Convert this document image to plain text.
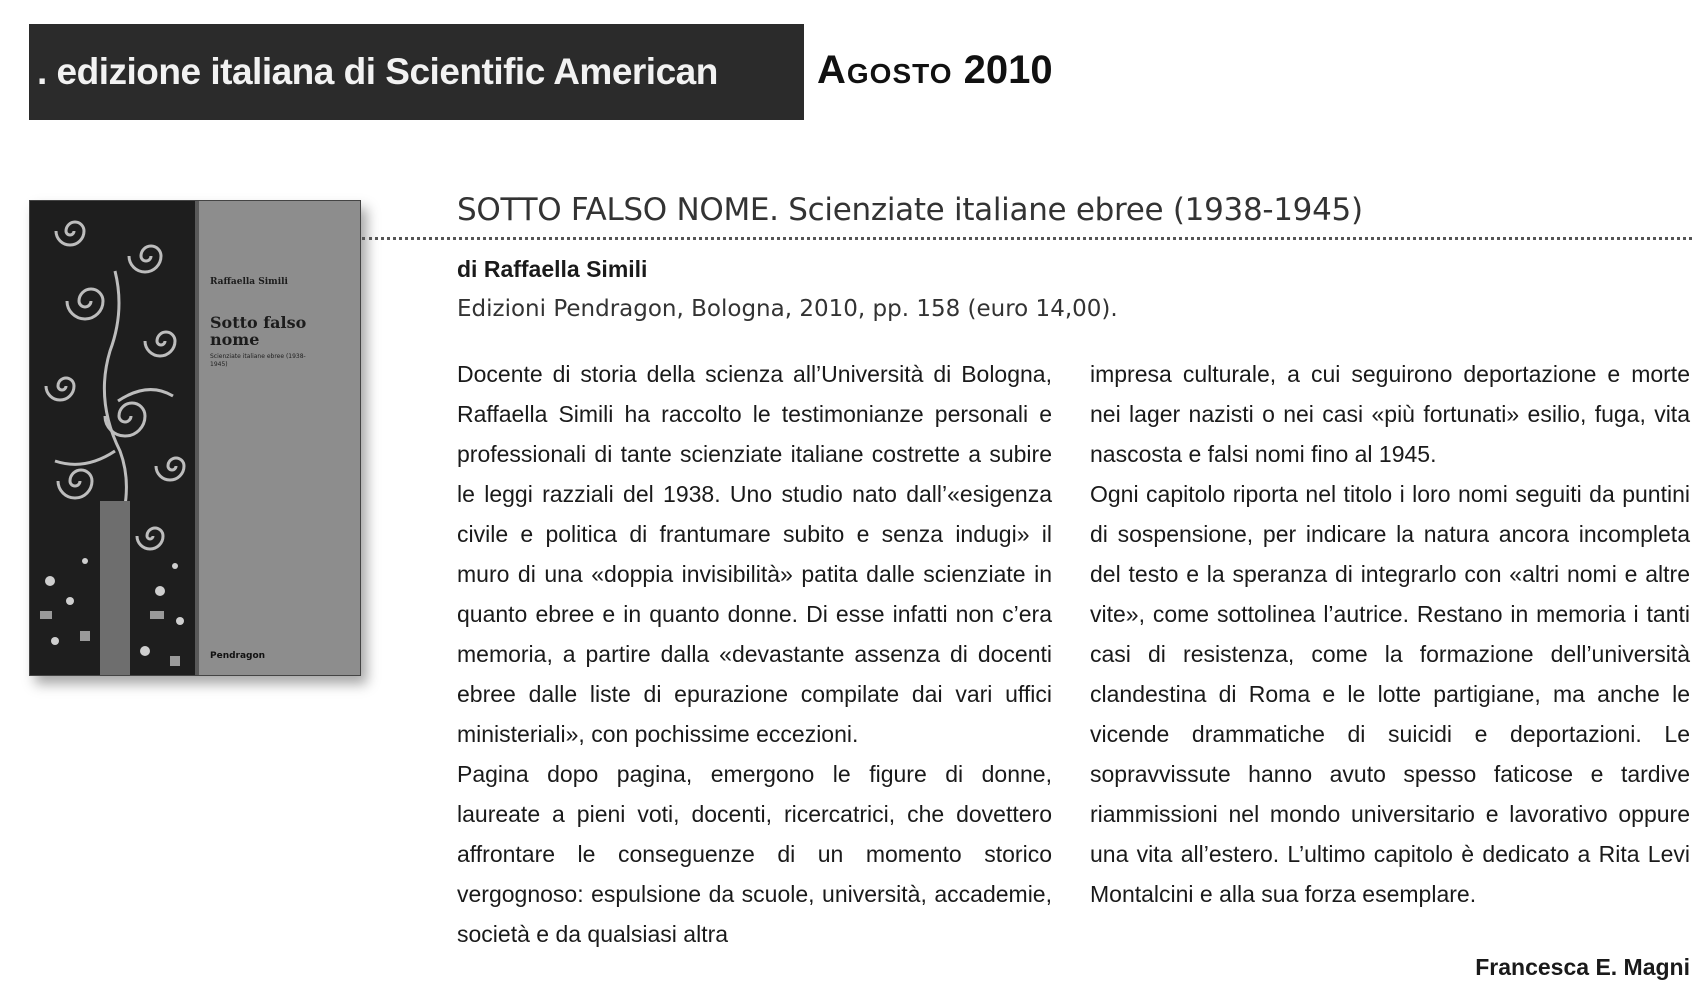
. edizione italiana di Scientific American	Agosto 2010
Raffaella Simili
Sotto falso nome
Scienziate italiane ebree (1938-1945)
Pendragon
SOTTO FALSO NOME. Scienziate italiane ebree (1938-1945)
di Raffaella Simili
Edizioni Pendragon, Bologna, 2010, pp. 158 (euro 14,00).

Docente di storia della scienza all’Università di Bologna, Raffaella Simili ha raccolto le testimonianze personali e professionali di tante scienziate italiane costrette a subire le leggi razziali del 1938. Uno studio nato dall’«esigenza civile e politica di frantumare subito e senza indugi» il muro di una «doppia invisibilità» patita dalle scienziate in quanto ebree e in quanto donne. Di esse infatti non c’era memoria, a partire dalla «devastante assenza di docenti ebree dalle liste di epurazione compilate dai vari uffici ministeriali», con pochissime eccezioni.

Pagina dopo pagina, emergono le figure di donne, laureate a pieni voti, docenti, ricercatrici, che dovettero affrontare le conseguenze di un momento storico vergognoso: espulsione da scuole, università, accademie, società e da qualsiasi altra

impresa culturale, a cui seguirono deportazione e morte nei lager nazisti o nei casi «più fortunati» esilio, fuga, vita nascosta e falsi nomi fino al 1945.

Ogni capitolo riporta nel titolo i loro nomi seguiti da puntini di sospensione, per indicare la natura ancora incompleta del testo e la speranza di integrarlo con «altri nomi e altre vite», come sottolinea l’autrice. Restano in memoria i tanti casi di resistenza, come la formazione dell’università clandestina di Roma e le lotte partigiane, ma anche le vicende drammatiche di suicidi e deportazioni. Le sopravvissute hanno avuto spesso faticose e tardive riammissioni nel mondo universitario e lavorativo oppure una vita all’estero. L’ultimo capitolo è dedicato a Rita Levi Montalcini e alla sua forza esemplare.

Francesca E. Magni
